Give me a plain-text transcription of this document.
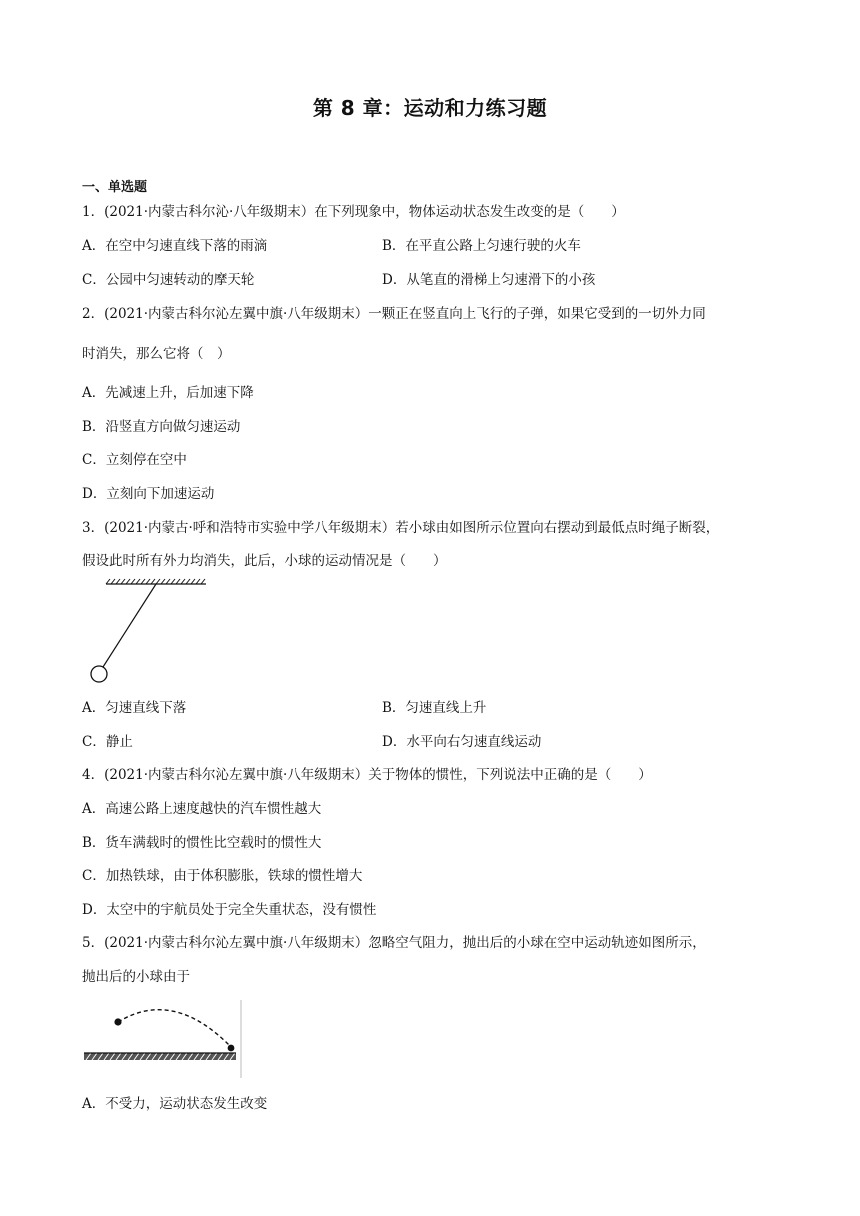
第 8 章：运动和力练习题
一、单选题
1．(2021·内蒙古科尔沁·八年级期末）在下列现象中，物体运动状态发生改变的是（　　）
A．在空中匀速直线下落的雨滴	B．在平直公路上匀速行驶的火车
C．公园中匀速转动的摩天轮	D．从笔直的滑梯上匀速滑下的小孩
2．(2021·内蒙古科尔沁左翼中旗·八年级期末）一颗正在竖直向上飞行的子弹，如果它受到的一切外力同
时消失，那么它将（　）
A．先减速上升，后加速下降
B．沿竖直方向做匀速运动
C．立刻停在空中
D．立刻向下加速运动
3．(2021·内蒙古·呼和浩特市实验中学八年级期末）若小球由如图所示位置向右摆动到最低点时绳子断裂，
假设此时所有外力均消失，此后，小球的运动情况是（　　）
A．匀速直线下落	B．匀速直线上升
C．静止	D．水平向右匀速直线运动
4．(2021·内蒙古科尔沁左翼中旗·八年级期末）关于物体的惯性，下列说法中正确的是（　　）
A．高速公路上速度越快的汽车惯性越大
B．货车满载时的惯性比空载时的惯性大
C．加热铁球，由于体积膨胀，铁球的惯性增大
D．太空中的宇航员处于完全失重状态，没有惯性
5．(2021·内蒙古科尔沁左翼中旗·八年级期末）忽略空气阻力，抛出后的小球在空中运动轨迹如图所示，
抛出后的小球由于
A．不受力，运动状态发生改变
